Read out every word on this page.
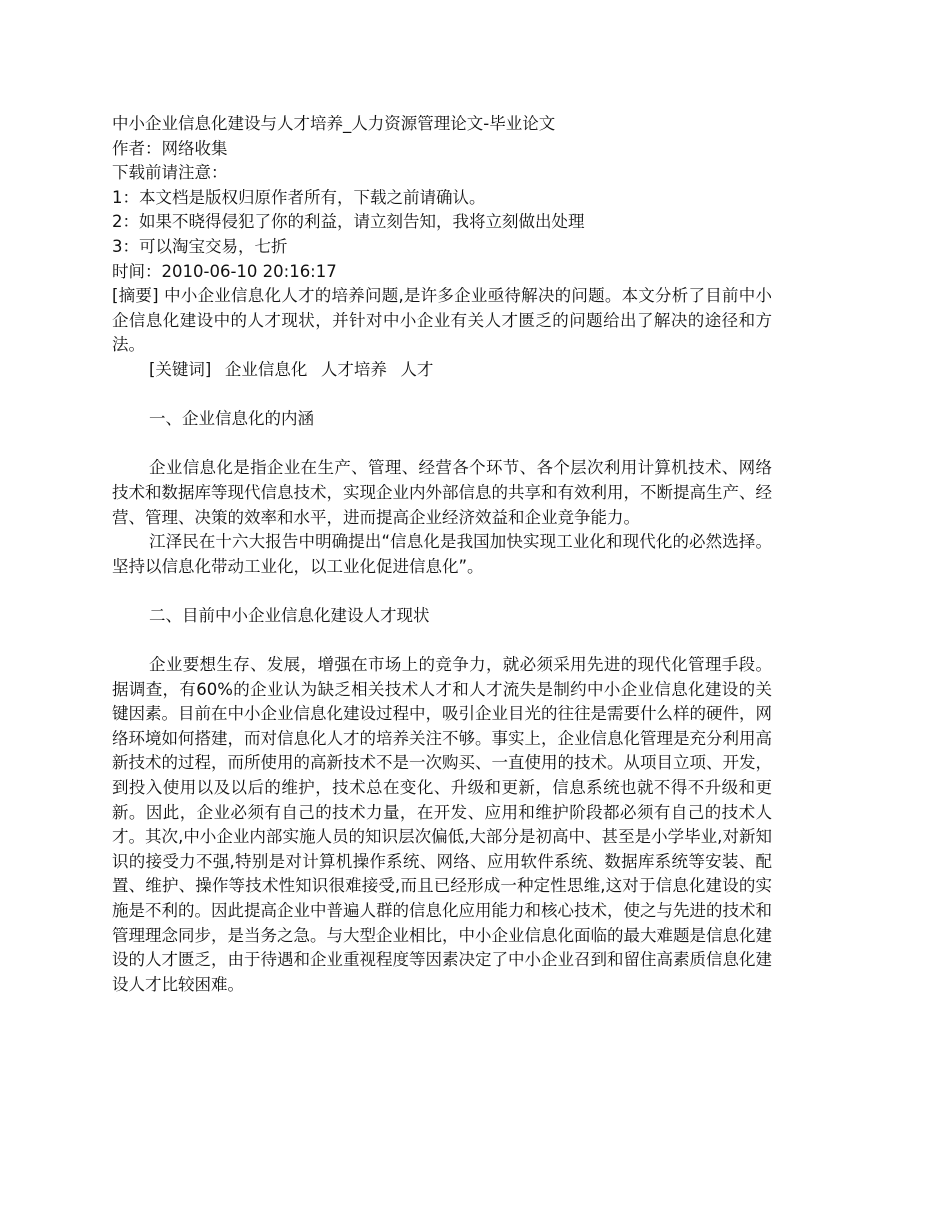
中小企业信息化建设与人才培养_人力资源管理论文-毕业论文
作者：网络收集
下载前请注意：
1：本文档是版权归原作者所有，下载之前请确认。
2：如果不晓得侵犯了你的利益，请立刻告知，我将立刻做出处理
3：可以淘宝交易，七折
时间：2010-06-10 20:16:17
[摘要] 中小企业信息化人才的培养问题,是许多企业亟待解决的问题。本文分析了目前中小企信息化建设中的人才现状，并针对中小企业有关人才匮乏的问题给出了解决的途径和方法。
[关键词] 企业信息化 人才培养 人才
一、企业信息化的内涵
企业信息化是指企业在生产、管理、经营各个环节、各个层次利用计算机技术、网络技术和数据库等现代信息技术，实现企业内外部信息的共享和有效利用，不断提高生产、经营、管理、决策的效率和水平，进而提高企业经济效益和企业竞争能力。
江泽民在十六大报告中明确提出“信息化是我国加快实现工业化和现代化的必然选择。坚持以信息化带动工业化，以工业化促进信息化”。
二、目前中小企业信息化建设人才现状
企业要想生存、发展，增强在市场上的竞争力，就必须采用先进的现代化管理手段。据调查，有60%的企业认为缺乏相关技术人才和人才流失是制约中小企业信息化建设的关键因素。目前在中小企业信息化建设过程中，吸引企业目光的往往是需要什么样的硬件，网络环境如何搭建，而对信息化人才的培养关注不够。事实上，企业信息化管理是充分利用高新技术的过程，而所使用的高新技术不是一次购买、一直使用的技术。从项目立项、开发，到投入使用以及以后的维护，技术总在变化、升级和更新，信息系统也就不得不升级和更新。因此，企业必须有自己的技术力量，在开发、应用和维护阶段都必须有自己的技术人才。其次,中小企业内部实施人员的知识层次偏低,大部分是初高中、甚至是小学毕业,对新知识的接受力不强,特别是对计算机操作系统、网络、应用软件系统、数据库系统等安装、配置、维护、操作等技术性知识很难接受,而且已经形成一种定性思维,这对于信息化建设的实施是不利的。因此提高企业中普遍人群的信息化应用能力和核心技术，使之与先进的技术和管理理念同步，是当务之急。与大型企业相比，中小企业信息化面临的最大难题是信息化建设的人才匮乏，由于待遇和企业重视程度等因素决定了中小企业召到和留住高素质信息化建设人才比较困难。
